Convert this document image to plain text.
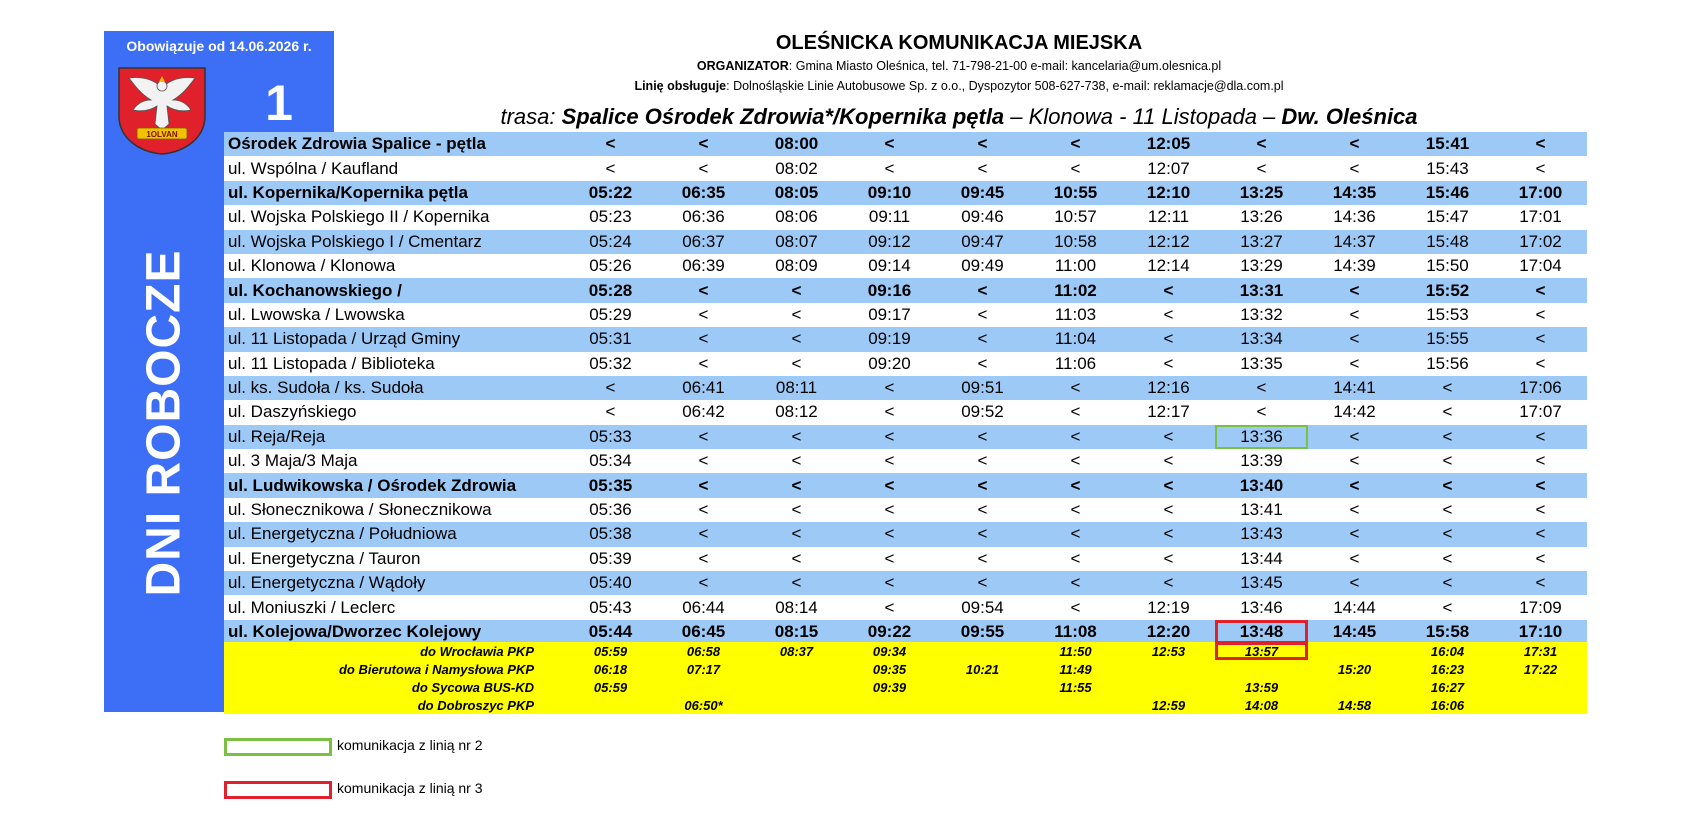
Obowiązuje od 14.06.2026 r.
1
1OLVAN
DNI ROBOCZE
OLEŚNICKA KOMUNIKACJA MIEJSKA
ORGANIZATOR: Gmina Miasto Oleśnica, tel. 71-798-21-00 e-mail: kancelaria@um.olesnica.pl
Linię obsługuje: Dolnośląskie Linie Autobusowe Sp. z o.o., Dyspozytor 508-627-738, e-mail: reklamacje@dla.com.pl
trasa: Spalice Ośrodek Zdrowia*/Kopernika pętla – Klonowa - 11 Listopada – Dw. Oleśnica
Ośrodek Zdrowia Spalice - pętla	<	<	08:00	<	<	<	12:05	<	<	15:41	<
ul. Wspólna / Kaufland	<	<	08:02	<	<	<	12:07	<	<	15:43	<
ul. Kopernika/Kopernika pętla	05:22	06:35	08:05	09:10	09:45	10:55	12:10	13:25	14:35	15:46	17:00
ul. Wojska Polskiego II / Kopernika	05:23	06:36	08:06	09:11	09:46	10:57	12:11	13:26	14:36	15:47	17:01
ul. Wojska Polskiego I / Cmentarz	05:24	06:37	08:07	09:12	09:47	10:58	12:12	13:27	14:37	15:48	17:02
ul. Klonowa / Klonowa	05:26	06:39	08:09	09:14	09:49	11:00	12:14	13:29	14:39	15:50	17:04
ul. Kochanowskiego /	05:28	<	<	09:16	<	11:02	<	13:31	<	15:52	<
ul. Lwowska / Lwowska	05:29	<	<	09:17	<	11:03	<	13:32	<	15:53	<
ul. 11 Listopada / Urząd Gminy	05:31	<	<	09:19	<	11:04	<	13:34	<	15:55	<
ul. 11 Listopada / Biblioteka	05:32	<	<	09:20	<	11:06	<	13:35	<	15:56	<
ul. ks. Sudoła / ks. Sudoła	<	06:41	08:11	<	09:51	<	12:16	<	14:41	<	17:06
ul. Daszyńskiego	<	06:42	08:12	<	09:52	<	12:17	<	14:42	<	17:07
ul. Reja/Reja	05:33	<	<	<	<	<	<	13:36	<	<	<
ul. 3 Maja/3 Maja	05:34	<	<	<	<	<	<	13:39	<	<	<
ul. Ludwikowska / Ośrodek Zdrowia	05:35	<	<	<	<	<	<	13:40	<	<	<
ul. Słonecznikowa / Słonecznikowa	05:36	<	<	<	<	<	<	13:41	<	<	<
ul. Energetyczna / Południowa	05:38	<	<	<	<	<	<	13:43	<	<	<
ul. Energetyczna / Tauron	05:39	<	<	<	<	<	<	13:44	<	<	<
ul. Energetyczna / Wądoły	05:40	<	<	<	<	<	<	13:45	<	<	<
ul. Moniuszki / Leclerc	05:43	06:44	08:14	<	09:54	<	12:19	13:46	14:44	<	17:09
ul. Kolejowa/Dworzec Kolejowy	05:44	06:45	08:15	09:22	09:55	11:08	12:20	13:48	14:45	15:58	17:10
do Wrocławia PKP	05:59	06:58	08:37	09:34		11:50	12:53	13:57		16:04	17:31
do Bierutowa i Namysłowa PKP	06:18	07:17		09:35	10:21	11:49			15:20	16:23	17:22
do Sycowa BUS-KD	05:59			09:39		11:55		13:59		16:27	
do Dobroszyc PKP		06:50*					12:59	14:08	14:58	16:06	
komunikacja z linią nr 2
komunikacja z linią nr 3
